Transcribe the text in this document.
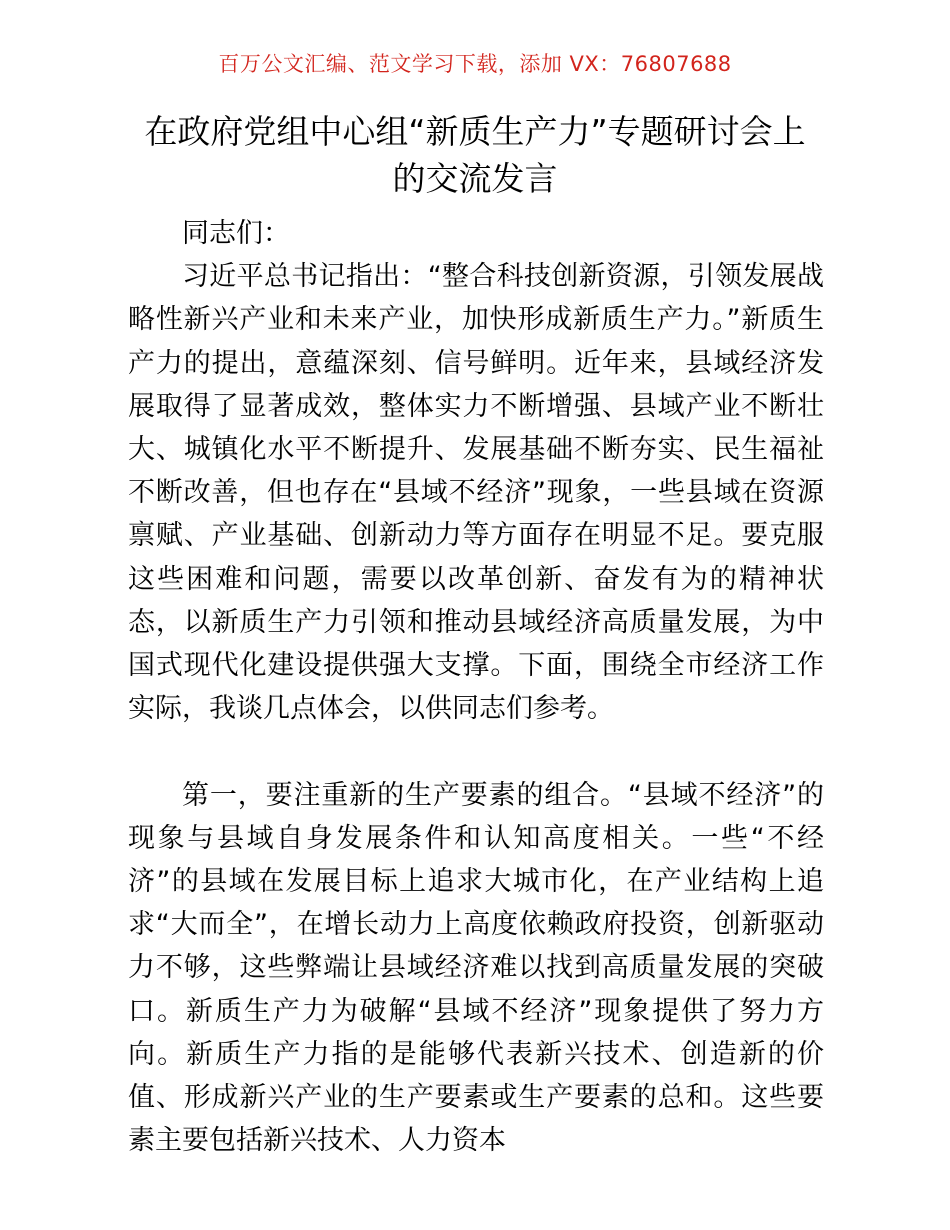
百万公文汇编、范文学习下载，添加 VX：76807688
在政府党组中心组“新质生产力”专题研讨会上的交流发言

同志们：

习近平总书记指出：“整合科技创新资源，引领发展战略性新兴产业和未来产业，加快形成新质生产力。”新质生产力的提出，意蕴深刻、信号鲜明。近年来，县域经济发展取得了显著成效，整体实力不断增强、县域产业不断壮大、城镇化水平不断提升、发展基础不断夯实、民生福祉不断改善，但也存在“县域不经济”现象，一些县域在资源禀赋、产业基础、创新动力等方面存在明显不足。要克服这些困难和问题，需要以改革创新、奋发有为的精神状态，以新质生产力引领和推动县域经济高质量发展，为中国式现代化建设提供强大支撑。下面，围绕全市经济工作实际，我谈几点体会，以供同志们参考。

第一，要注重新的生产要素的组合。“县域不经济”的现象与县域自身发展条件和认知高度相关。一些“不经济”的县域在发展目标上追求大城市化，在产业结构上追求“大而全”，在增长动力上高度依赖政府投资，创新驱动力不够，这些弊端让县域经济难以找到高质量发展的突破口。新质生产力为破解“县域不经济”现象提供了努力方向。新质生产力指的是能够代表新兴技术、创造新的价值、形成新兴产业的生产要素或生产要素的总和。这些要素主要包括新兴技术、人力资本
